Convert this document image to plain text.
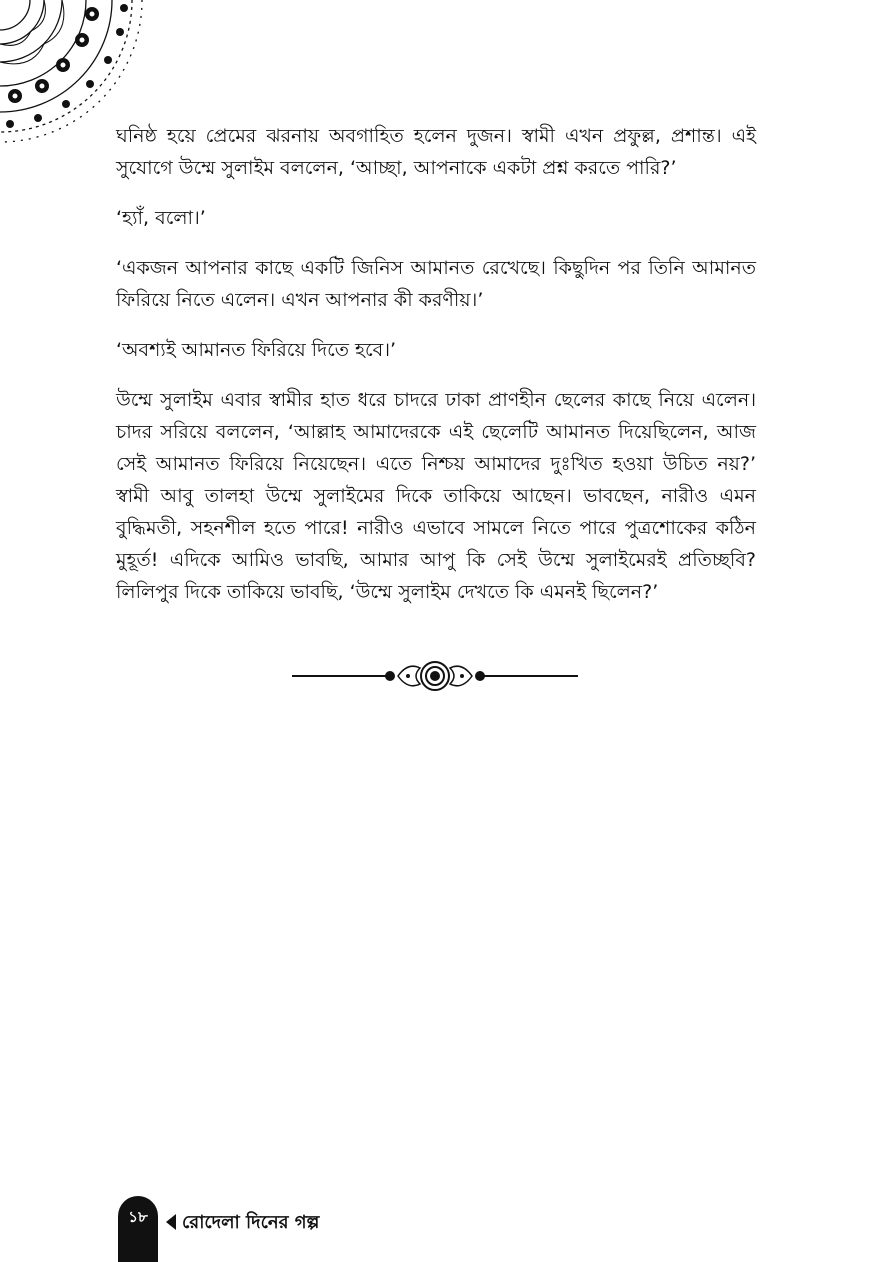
ঘনিষ্ঠ হয়ে প্রেমের ঝরনায় অবগাহিত হলেন দুজন। স্বামী এখন প্রফুল্ল, প্রশান্ত। এই সুযোগে উম্মে সুলাইম বললেন, ‘আচ্ছা, আপনাকে একটা প্রশ্ন করতে পারি?’

‘হ্যাঁ, বলো।’

‘একজন আপনার কাছে একটি জিনিস আমানত রেখেছে। কিছুদিন পর তিনি আমানত ফিরিয়ে নিতে এলেন। এখন আপনার কী করণীয়।’

‘অবশ্যই আমানত ফিরিয়ে দিতে হবে।’

উম্মে সুলাইম এবার স্বামীর হাত ধরে চাদরে ঢাকা প্রাণহীন ছেলের কাছে নিয়ে এলেন। চাদর সরিয়ে বললেন, ‘আল্লাহ আমাদেরকে এই ছেলেটি আমানত দিয়েছিলেন, আজ সেই আমানত ফিরিয়ে নিয়েছেন। এতে নিশ্চয় আমাদের দুঃখিত হওয়া উচিত নয়?’ স্বামী আবু তালহা উম্মে সুলাইমের দিকে তাকিয়ে আছেন। ভাবছেন, নারীও এমন বুদ্ধিমতী, সহনশীল হতে পারে! নারীও এভাবে সামলে নিতে পারে পুত্রশোকের কঠিন মুহূর্ত! এদিকে আমিও ভাবছি, আমার আপু কি সেই উম্মে সুলাইমেরই প্রতিচ্ছবি? লিলিপুর দিকে তাকিয়ে ভাবছি, ‘উম্মে সুলাইম দেখতে কি এমনই ছিলেন?’

১৮	রোদেলা দিনের গল্প
